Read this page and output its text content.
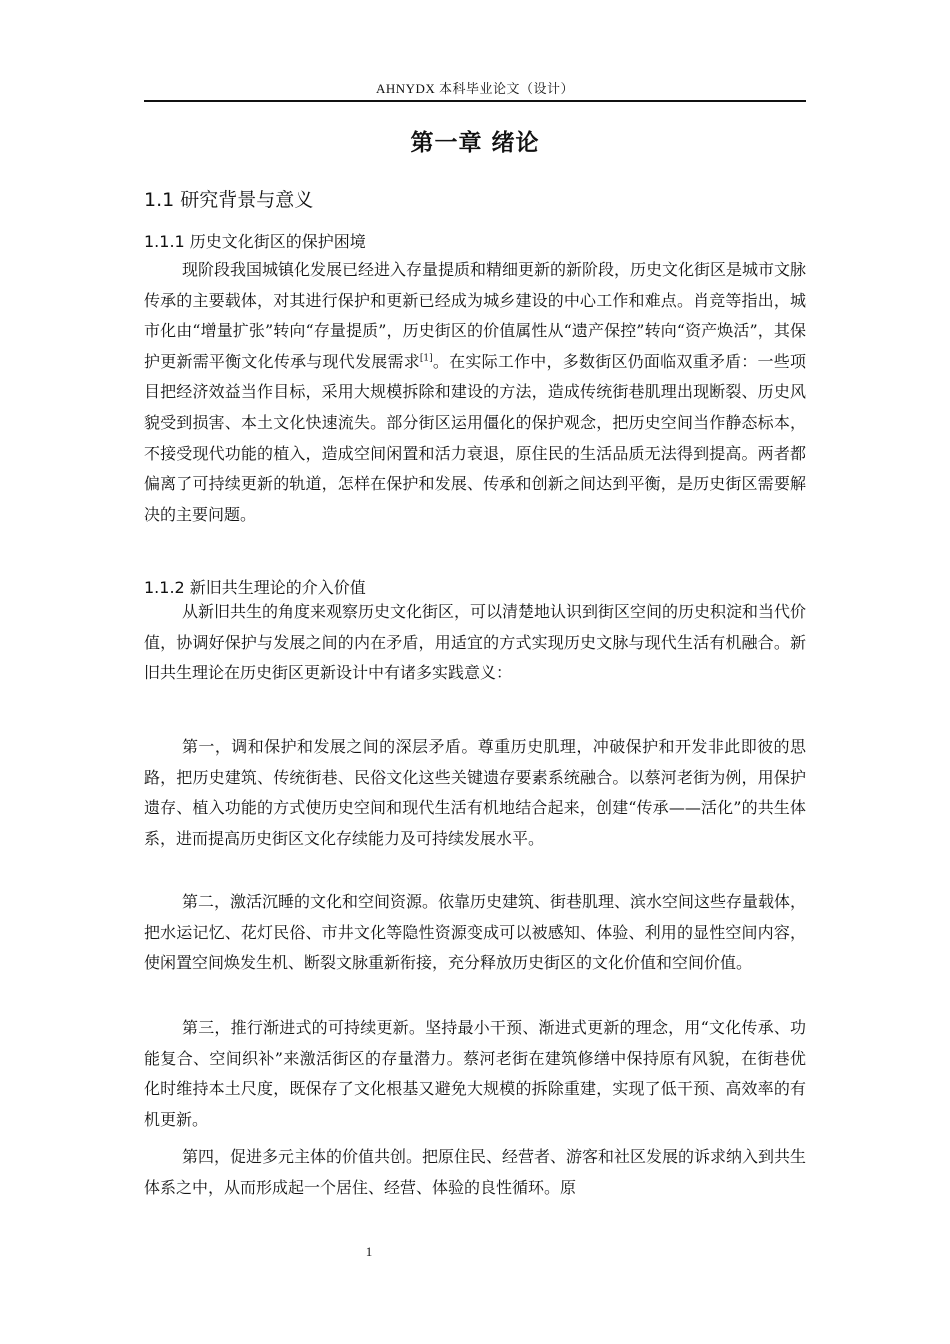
AHNYDX 本科毕业论文（设计）
第一章 绪论
1.1 研究背景与意义
1.1.1 历史文化街区的保护困境

现阶段我国城镇化发展已经进入存量提质和精细更新的新阶段，历史文化街区是城市文脉传承的主要载体，对其进行保护和更新已经成为城乡建设的中心工作和难点。肖竞等指出，城市化由“增量扩张”转向“存量提质”，历史街区的价值属性从“遗产保控”转向“资产焕活”，其保护更新需平衡文化传承与现代发展需求[1]。在实际工作中，多数街区仍面临双重矛盾：一些项目把经济效益当作目标，采用大规模拆除和建设的方法，造成传统街巷肌理出现断裂、历史风貌受到损害、本土文化快速流失。部分街区运用僵化的保护观念，把历史空间当作静态标本，不接受现代功能的植入，造成空间闲置和活力衰退，原住民的生活品质无法得到提高。两者都偏离了可持续更新的轨道，怎样在保护和发展、传承和创新之间达到平衡，是历史街区需要解决的主要问题。

1.1.2 新旧共生理论的介入价值

从新旧共生的角度来观察历史文化街区，可以清楚地认识到街区空间的历史积淀和当代价值，协调好保护与发展之间的内在矛盾，用适宜的方式实现历史文脉与现代生活有机融合。新旧共生理论在历史街区更新设计中有诸多实践意义：

第一，调和保护和发展之间的深层矛盾。尊重历史肌理，冲破保护和开发非此即彼的思路，把历史建筑、传统街巷、民俗文化这些关键遗存要素系统融合。以蔡河老街为例，用保护遗存、植入功能的方式使历史空间和现代生活有机地结合起来，创建“传承——活化”的共生体系，进而提高历史街区文化存续能力及可持续发展水平。

第二，激活沉睡的文化和空间资源。依靠历史建筑、街巷肌理、滨水空间这些存量载体，把水运记忆、花灯民俗、市井文化等隐性资源变成可以被感知、体验、利用的显性空间内容，使闲置空间焕发生机、断裂文脉重新衔接，充分释放历史街区的文化价值和空间价值。

第三，推行渐进式的可持续更新。坚持最小干预、渐进式更新的理念，用“文化传承、功能复合、空间织补”来激活街区的存量潜力。蔡河老街在建筑修缮中保持原有风貌，在街巷优化时维持本土尺度，既保存了文化根基又避免大规模的拆除重建，实现了低干预、高效率的有机更新。

第四，促进多元主体的价值共创。把原住民、经营者、游客和社区发展的诉求纳入到共生体系之中，从而形成起一个居住、经营、体验的良性循环。原

1
